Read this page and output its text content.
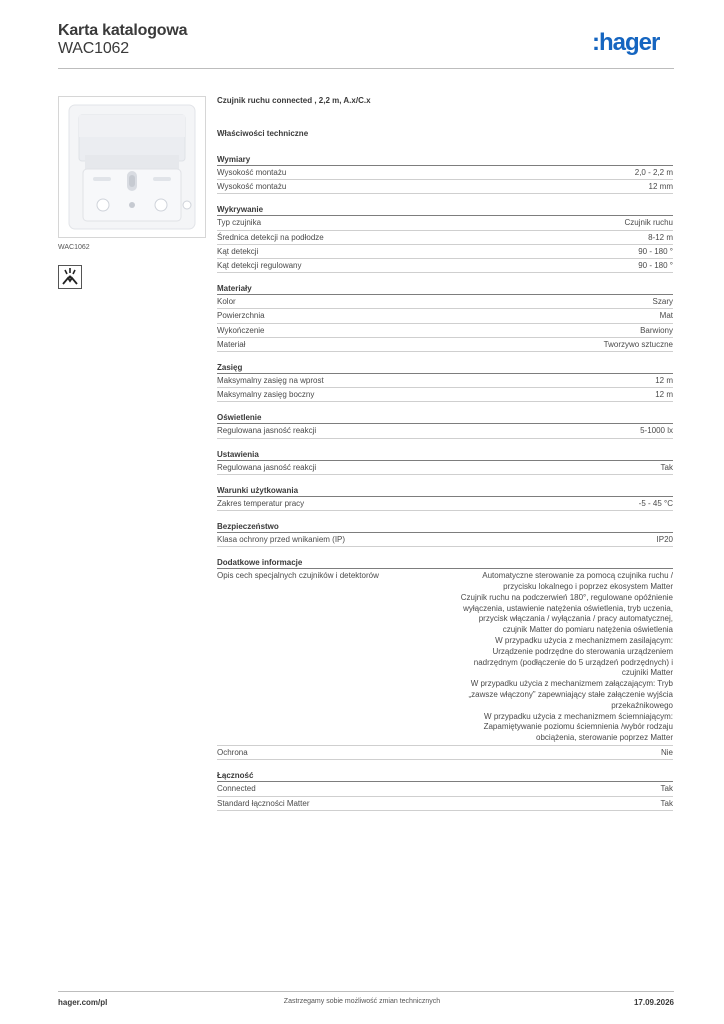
Karta katalogowa
WAC1062	:hager
WAC1062
Czujnik ruchu connected , 2,2 m, A.x/C.x
Właściwości techniczne
Wymiary
Wysokość montażu	2,0 - 2,2 m
Wysokość montażu	12 mm
Wykrywanie
Typ czujnika	Czujnik ruchu
Średnica detekcji na podłodze	8-12 m
Kąt detekcji	90 - 180 °
Kąt detekcji regulowany	90 - 180 °
Materiały
Kolor	Szary
Powierzchnia	Mat
Wykończenie	Barwiony
Materiał	Tworzywo sztuczne
Zasięg
Maksymalny zasięg na wprost	12 m
Maksymalny zasięg boczny	12 m
Oświetlenie
Regulowana jasność reakcji	5-1000 lx
Ustawienia
Regulowana jasność reakcji	Tak
Warunki użytkowania
Zakres temperatur pracy	-5 - 45 °C
Bezpieczeństwo
Klasa ochrony przed wnikaniem (IP)	IP20
Dodatkowe informacje
Opis cech specjalnych czujników i detektorów	Automatyczne sterowanie za pomocą czujnika ruchu /
przycisku lokalnego i poprzez ekosystem Matter
Czujnik ruchu na podczerwień 180°, regulowane opóźnienie
wyłączenia, ustawienie natężenia oświetlenia, tryb uczenia,
przycisk włączania / wyłączania / pracy automatycznej,
czujnik Matter do pomiaru natężenia oświetlenia
W przypadku użycia z mechanizmem zasilającym:
Urządzenie podrzędne do sterowania urządzeniem
nadrzędnym (podłączenie do 5 urządzeń podrzędnych) i
czujniki Matter
W przypadku użycia z mechanizmem załączającym: Tryb
„zawsze włączony” zapewniający stałe załączenie wyjścia
przekaźnikowego
W przypadku użycia z mechanizmem ściemniającym:
Zapamiętywanie poziomu ściemnienia /wybór rodzaju
obciążenia, sterowanie poprzez Matter
Ochrona	Nie
Łączność
Connected	Tak
Standard łączności Matter	Tak
hager.com/pl	Zastrzegamy sobie możliwość zmian technicznych	17.09.2026
